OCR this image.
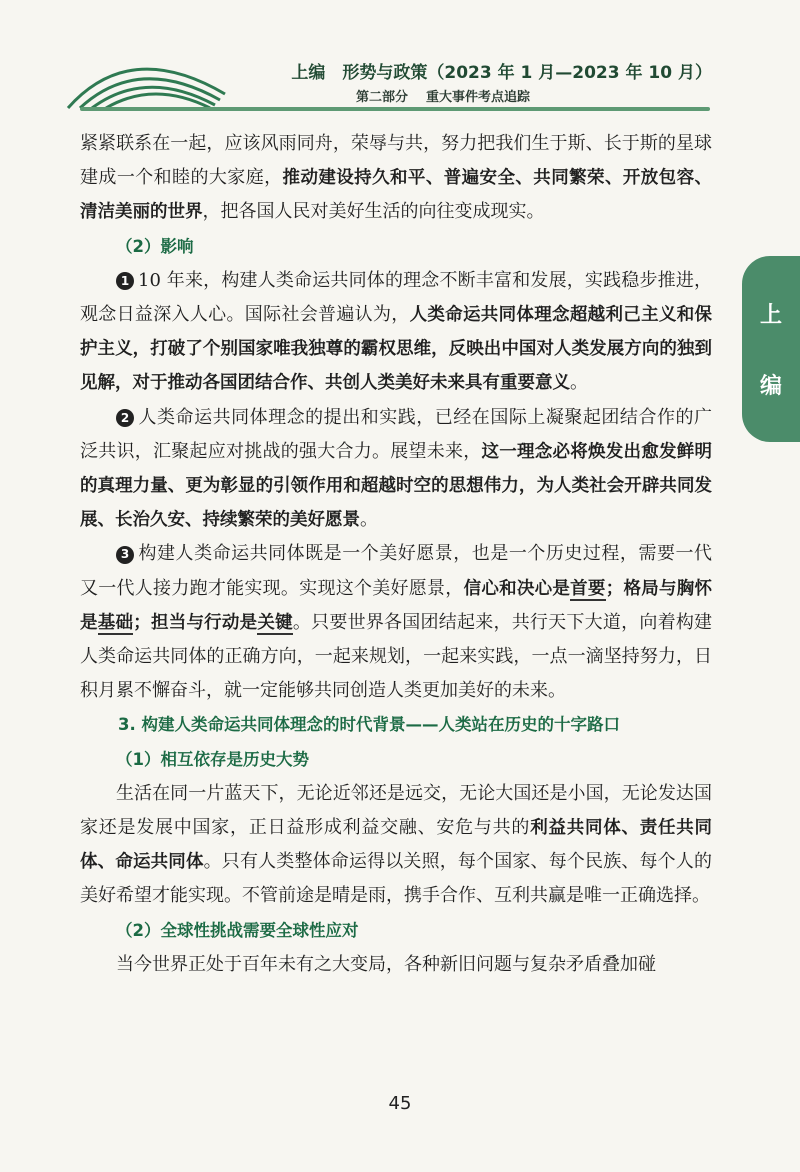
上编　形势与政策（2023 年 1 月—2023 年 10 月）
第二部分 重大事件考点追踪
上
编

紧紧联系在一起，应该风雨同舟，荣辱与共，努力把我们生于斯、长于斯的星球建成一个和睦的大家庭，推动建设持久和平、普遍安全、共同繁荣、开放包容、清洁美丽的世界，把各国人民对美好生活的向往变成现实。

（2）影响

1 10 年来，构建人类命运共同体的理念不断丰富和发展，实践稳步推进，观念日益深入人心。国际社会普遍认为，人类命运共同体理念超越利己主义和保护主义，打破了个别国家唯我独尊的霸权思维，反映出中国对人类发展方向的独到见解，对于推动各国团结合作、共创人类美好未来具有重要意义。

2 人类命运共同体理念的提出和实践，已经在国际上凝聚起团结合作的广泛共识，汇聚起应对挑战的强大合力。展望未来，这一理念必将焕发出愈发鲜明的真理力量、更为彰显的引领作用和超越时空的思想伟力，为人类社会开辟共同发展、长治久安、持续繁荣的美好愿景。

3 构建人类命运共同体既是一个美好愿景，也是一个历史过程，需要一代又一代人接力跑才能实现。实现这个美好愿景，信心和决心是首要；格局与胸怀是基础；担当与行动是关键。只要世界各国团结起来，共行天下大道，向着构建人类命运共同体的正确方向，一起来规划，一起来实践，一点一滴坚持努力，日积月累不懈奋斗，就一定能够共同创造人类更加美好的未来。

3. 构建人类命运共同体理念的时代背景——人类站在历史的十字路口

（1）相互依存是历史大势

生活在同一片蓝天下，无论近邻还是远交，无论大国还是小国，无论发达国家还是发展中国家，正日益形成利益交融、安危与共的利益共同体、责任共同体、命运共同体。只有人类整体命运得以关照，每个国家、每个民族、每个人的美好希望才能实现。不管前途是晴是雨，携手合作、互利共赢是唯一正确选择。

（2）全球性挑战需要全球性应对

当今世界正处于百年未有之大变局，各种新旧问题与复杂矛盾叠加碰

45
